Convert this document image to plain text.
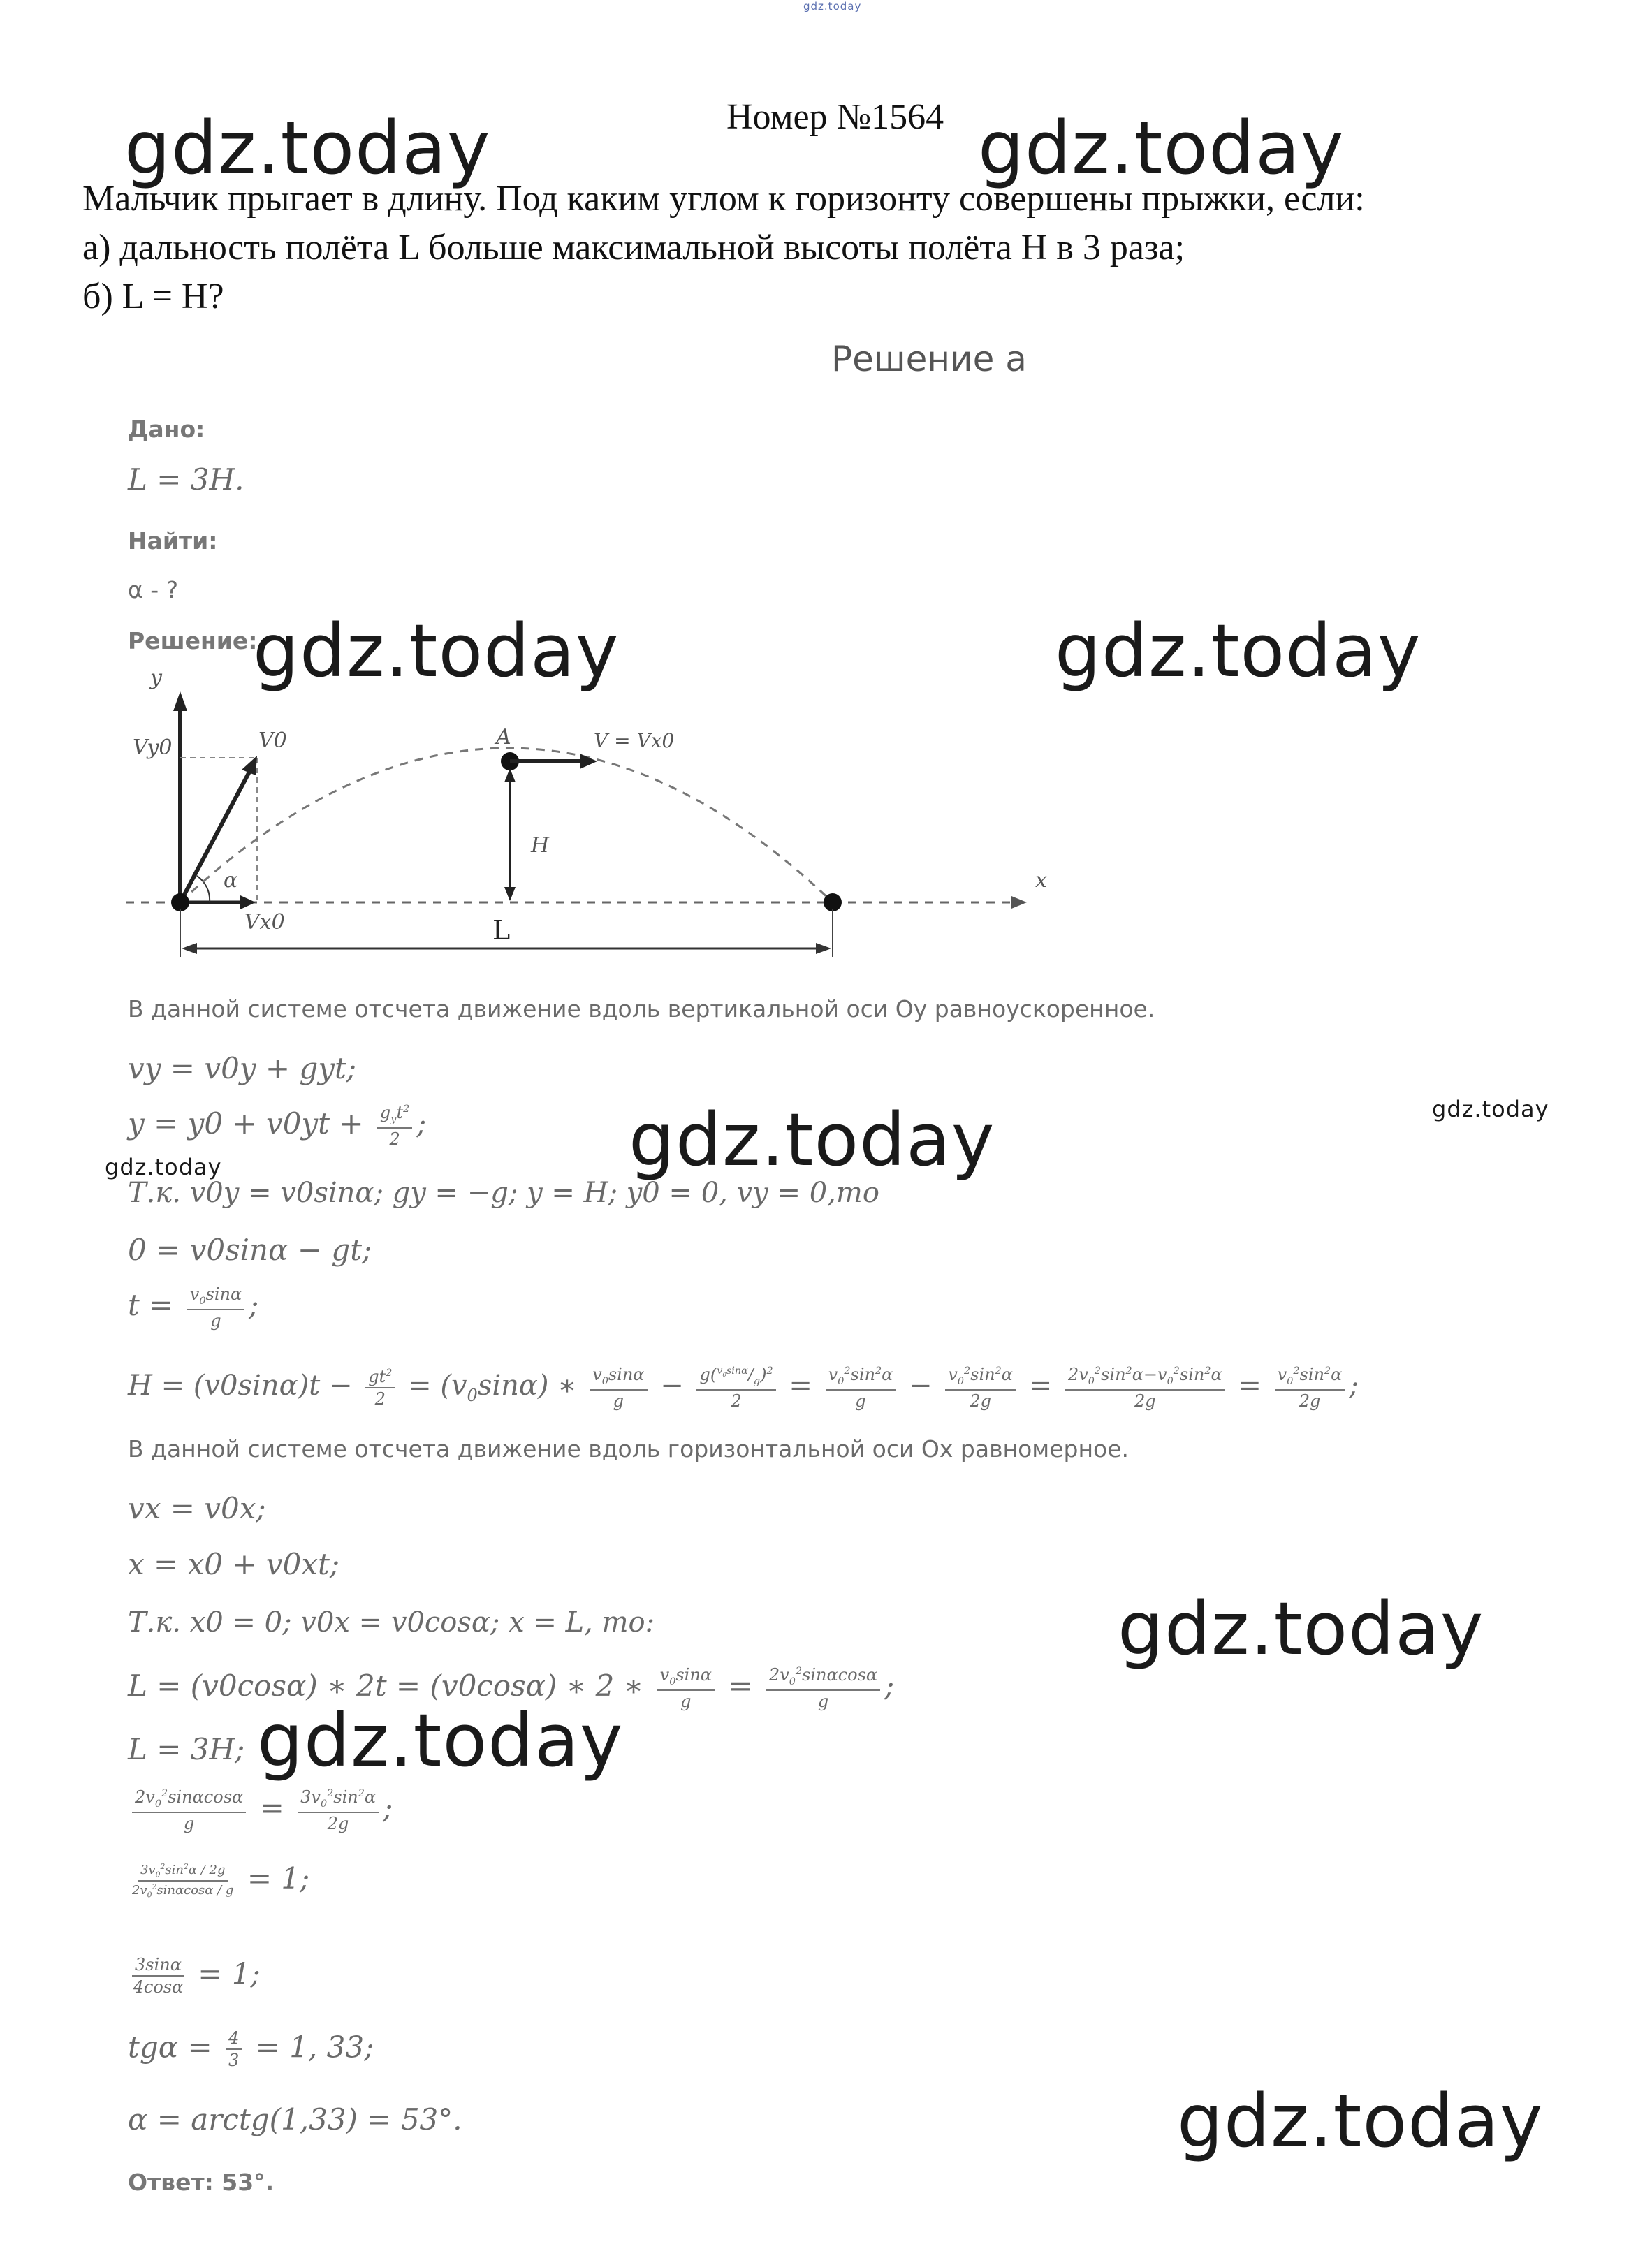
gdz.today
Номер №1564
gdz.today	gdz.today
Мальчик прыгает в длину. Под каким углом к горизонту совершены прыжки, если:
а) дальность полёта L больше максимальной высоты полёта H в 3 раза;
б) L = H?
Решение а
Дано:
L = 3H.
Найти:
α - ?
Решение:
gdz.today	gdz.today
x
y
V0
Vy0
Vx0
α
A	V = Vx0
H
L
В данной системе отсчета движение вдоль вертикальной оси Oy равноускоренное.
vy = v0y + gyt;
$y = y0 + v0yt + \frac{g_yt^2}{2}$ ;	gdz.today	gdz.today
gdz.today
Т.к. v0y = v0sinα; gy = −g; y = H; y0 = 0, vy = 0,то
0 = v0sinα − gt;
$t = \frac{v_0\sin\alpha}{g}$ ;
$H = (v0\sin\alpha)t - \frac{gt^2}{2} = (v_0\sin\alpha)$ ∗ $\frac{v_0\sin\alpha}{g} - \frac{g(^{v_0sin\alpha}/_g)^2}{2} = \frac{v_0^2\sin^2\alpha}{g} - \frac{v_0^2\sin^2\alpha}{2g} = \frac{2v_0^2\sin^2\alpha-v_0^2\sin^2\alpha}{2g} = \frac{v_0^2\sin^2\alpha}{2g}$ ;
В данной системе отсчета движение вдоль горизонтальной оси Ox равномерное.
vx = v0x;
x = x0 + v0xt;
Т.к. x0 = 0; v0x = v0cosα; x = L, то:	gdz.today
L = (v0cosα) ∗ 2t = (v0cosα) ∗ 2 ∗ $\frac{v_0\sin\alpha}{g} = \frac{2v_0^2\sin\alpha\cos\alpha}{g}$ ;
L = 3H; gdz.today
$\frac{2v_0^2\sin\alpha\cos\alpha}{g} = \frac{3v_0^2\sin^2\alpha}{2g}$ ;
$\frac{3v_0^2\sin^2\alpha / 2g}{2v_0^2\sin\alpha\cos\alpha / g} = 1$;
$\frac{3\sin\alpha}{4\cos\alpha} = 1$;
$tg\alpha = \frac{4}{3} = 1$, 33;
α = arctg(1,33) = 53°.
Ответ: 53°.
gdz.today
